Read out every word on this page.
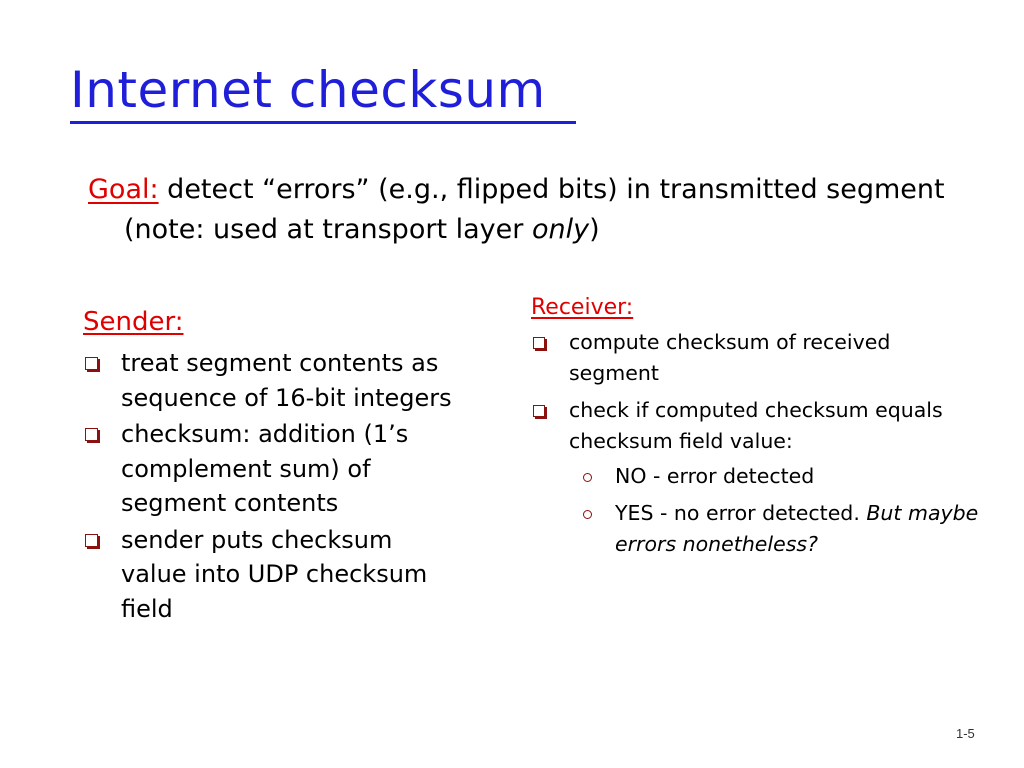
Internet checksum
Goal: detect “errors” (e.g., flipped bits) in transmitted segment (note: used at transport layer only)
Sender:
treat segment contents as sequence of 16-bit integers
checksum: addition (1’s complement sum) of segment contents
sender puts checksum value into UDP checksum field
Receiver:
compute checksum of received segment
check if computed checksum equals checksum field value:
NO - error detected
YES - no error detected. But maybe errors nonetheless?
1-5
